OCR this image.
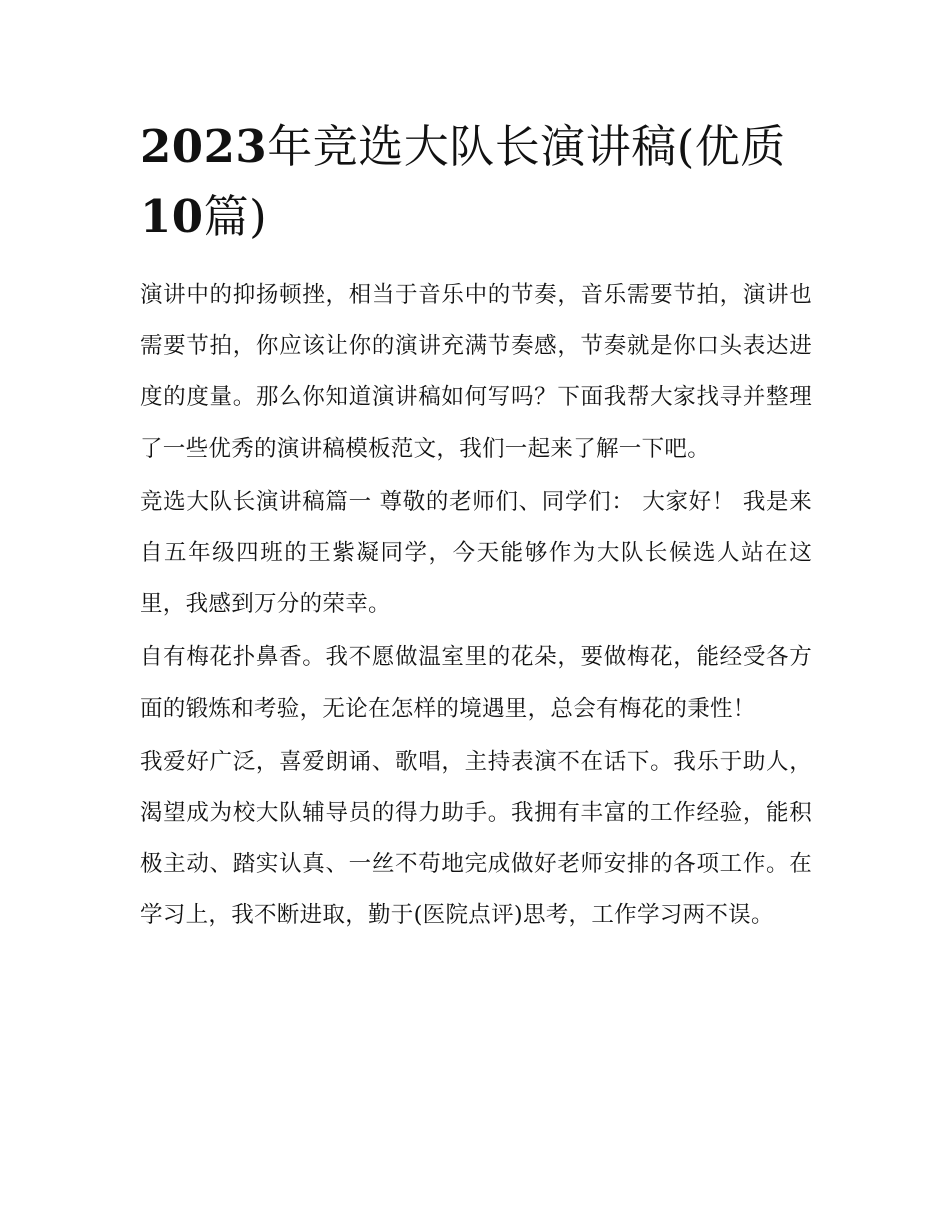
2023年竞选大队长演讲稿(优质10篇)

演讲中的抑扬顿挫，相当于音乐中的节奏，音乐需要节拍，演讲也需要节拍，你应该让你的演讲充满节奏感，节奏就是你口头表达进度的度量。那么你知道演讲稿如何写吗？下面我帮大家找寻并整理了一些优秀的演讲稿模板范文，我们一起来了解一下吧。

竞选大队长演讲稿篇一 尊敬的老师们、同学们： 大家好！ 我是来自五年级四班的王紫凝同学，今天能够作为大队长候选人站在这里，我感到万分的荣幸。

自有梅花扑鼻香。我不愿做温室里的花朵，要做梅花，能经受各方面的锻炼和考验，无论在怎样的境遇里，总会有梅花的秉性！

我爱好广泛，喜爱朗诵、歌唱，主持表演不在话下。我乐于助人，渴望成为校大队辅导员的得力助手。我拥有丰富的工作经验，能积极主动、踏实认真、一丝不苟地完成做好老师安排的各项工作。在学习上，我不断进取，勤于(医院点评)思考，工作学习两不误。
